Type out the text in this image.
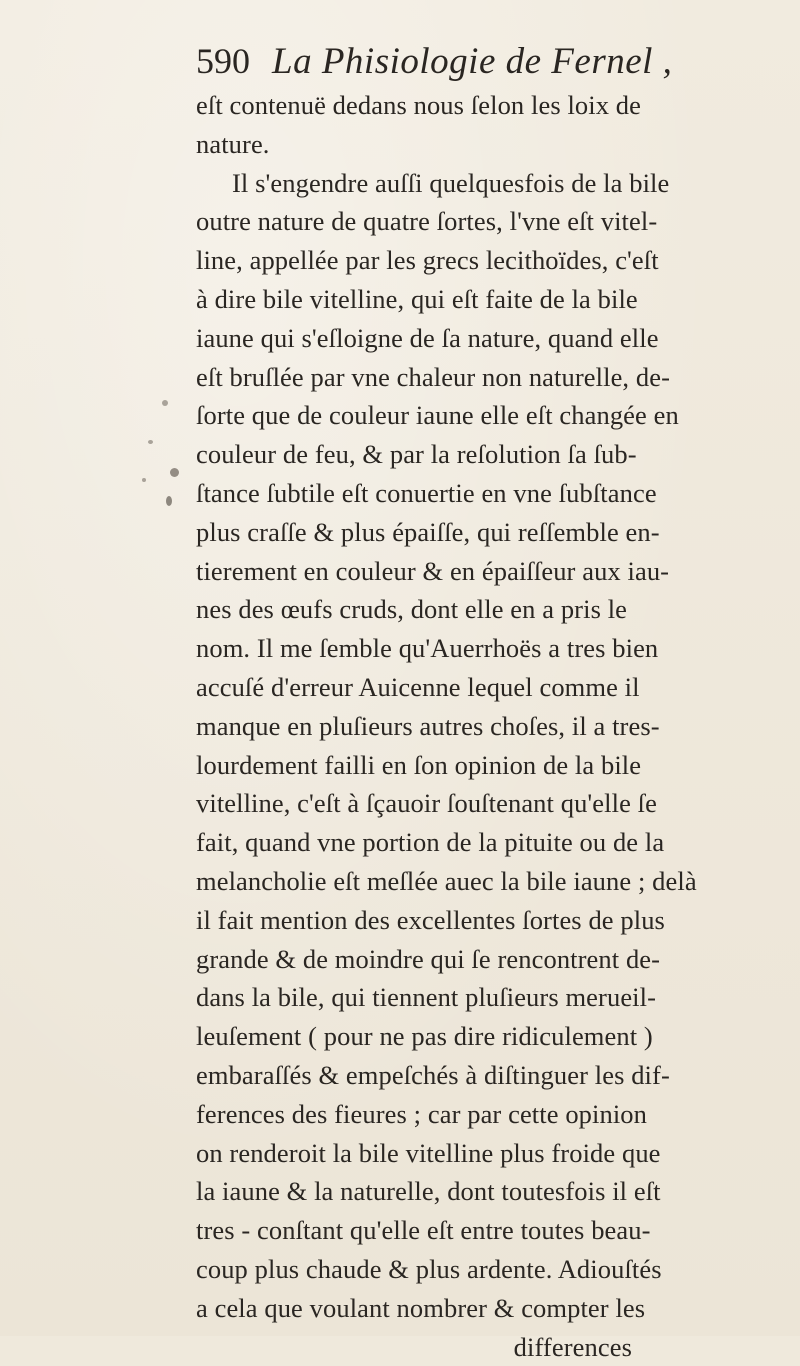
590 La Phisiologie de Fernel ,
eſt contenuë dedans nous ſelon les loix de
nature.
Il s'engendre auſſi quelquesfois de la bile
outre nature de quatre ſortes, l'vne eſt vitel-
line, appellée par les grecs lecithoïdes, c'eſt
à dire bile vitelline, qui eſt faite de la bile
iaune qui s'eſloigne de ſa nature, quand elle
eſt bruſlée par vne chaleur non naturelle, de-
ſorte que de couleur iaune elle eſt changée en
couleur de feu, & par la reſolution ſa ſub-
ſtance ſubtile eſt conuertie en vne ſubſtance
plus craſſe & plus épaiſſe, qui reſſemble en-
tierement en couleur & en épaiſſeur aux iau-
nes des œufs cruds, dont elle en a pris le
nom. Il me ſemble qu'Auerrhoës a tres bien
accuſé d'erreur Auicenne lequel comme il
manque en pluſieurs autres choſes, il a tres-
lourdement failli en ſon opinion de la bile
vitelline, c'eſt à ſçauoir ſouſtenant qu'elle ſe
fait, quand vne portion de la pituite ou de la
melancholie eſt meſlée auec la bile iaune ; delà
il fait mention des excellentes ſortes de plus
grande & de moindre qui ſe rencontrent de-
dans la bile, qui tiennent pluſieurs merueil-
leuſement ( pour ne pas dire ridiculement )
embaraſſés & empeſchés à diſtinguer les dif-
ferences des fieures ; car par cette opinion
on renderoit la bile vitelline plus froide que
la iaune & la naturelle, dont toutesfois il eſt
tres - conſtant qu'elle eſt entre toutes beau-
coup plus chaude & plus ardente. Adiouſtés
a cela que voulant nombrer & compter les
differences
